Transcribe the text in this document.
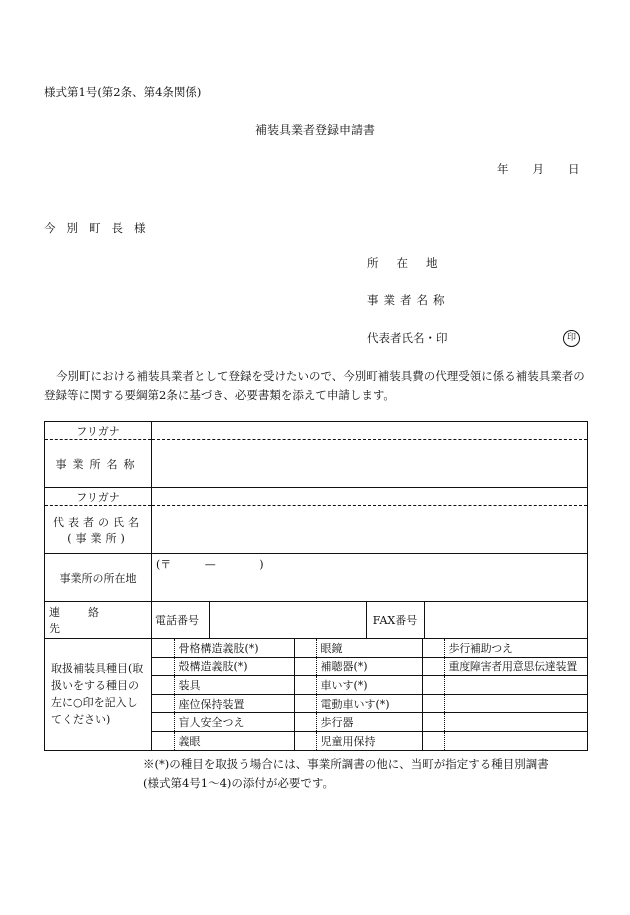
様式第1号(第2条、第4条関係)
補装具業者登録申請書
年 月 日
今別町長様
所在地
事業者名称
代表者氏名・印	印
今別町における補装具業者として登録を受けたいので、今別町補装具費の代理受領に係る補装具業者の登録等に関する要綱第2条に基づき、必要書類を添えて申請します。
フリガナ	
事業所名称	
フリガナ	

代表者の氏名
(事業所)

事業所の所在地	(〒	—	)

連絡先

電話番号		FAX番号	

取扱補装具種目(取扱いをする種目の左に○印を記入してください)	
	骨格構造義肢(*)		眼鏡		歩行補助つえ
	殻構造義肢(*)		補聴器(*)		重度障害者用意思伝達装置
	装具		車いす(*)		
	座位保持装置		電動車いす(*)		
	盲人安全つえ		歩行器		
	義眼		児童用保持		
※(*)の種目を取扱う場合には、事業所調書の他に、当町が指定する種目別調書
(様式第4号1〜4)の添付が必要です。
